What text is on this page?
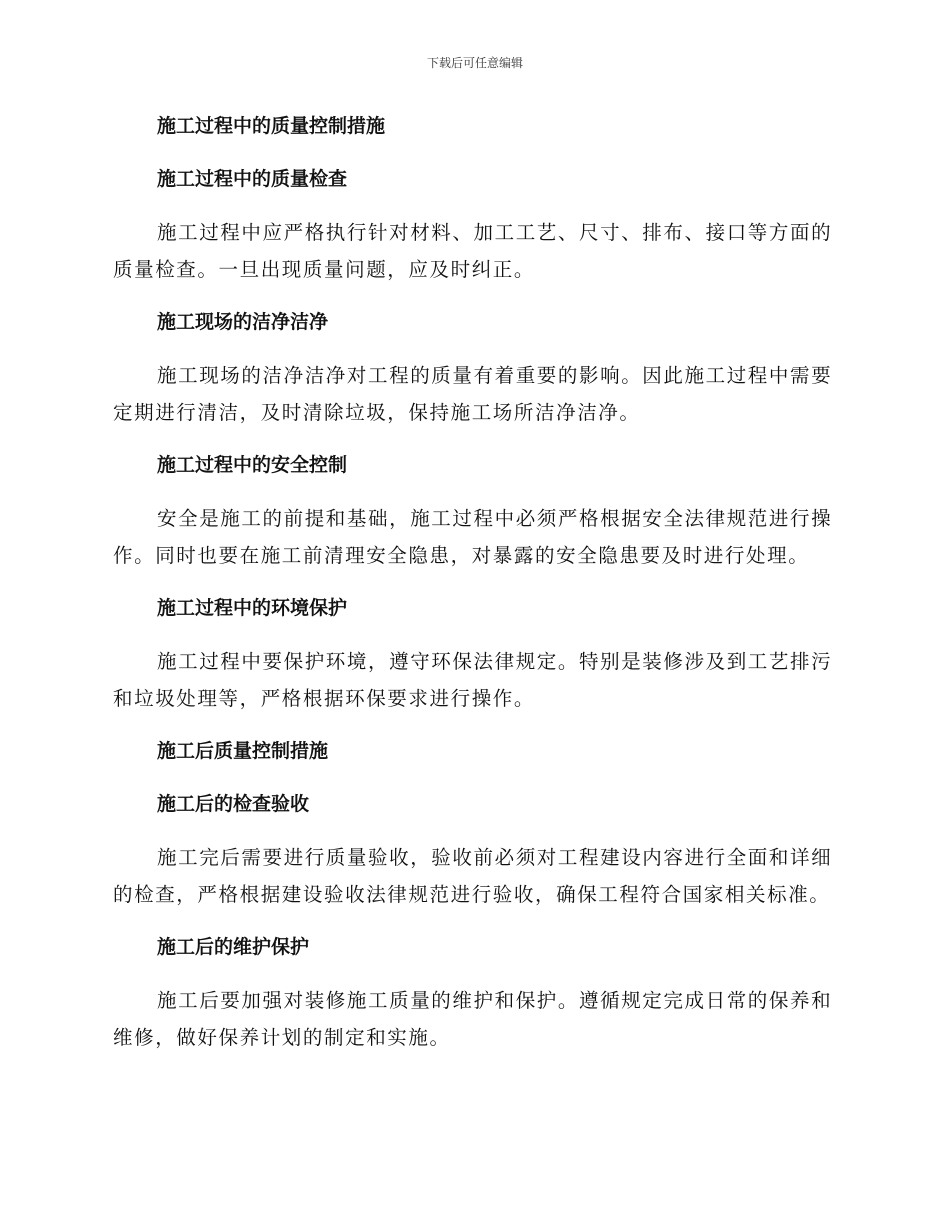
下载后可任意编辑
施工过程中的质量控制措施
施工过程中的质量检查

施工过程中应严格执行针对材料、加工工艺、尺寸、排布、接口等方面的质量检查。一旦出现质量问题，应及时纠正。

施工现场的洁净洁净

施工现场的洁净洁净对工程的质量有着重要的影响。因此施工过程中需要定期进行清洁，及时清除垃圾，保持施工场所洁净洁净。

施工过程中的安全控制

安全是施工的前提和基础，施工过程中必须严格根据安全法律规范进行操作。同时也要在施工前清理安全隐患，对暴露的安全隐患要及时进行处理。

施工过程中的环境保护

施工过程中要保护环境，遵守环保法律规定。特别是装修涉及到工艺排污和垃圾处理等，严格根据环保要求进行操作。

施工后质量控制措施
施工后的检查验收

施工完后需要进行质量验收，验收前必须对工程建设内容进行全面和详细的检查，严格根据建设验收法律规范进行验收，确保工程符合国家相关标准。

施工后的维护保护

施工后要加强对装修施工质量的维护和保护。遵循规定完成日常的保养和维修，做好保养计划的制定和实施。
